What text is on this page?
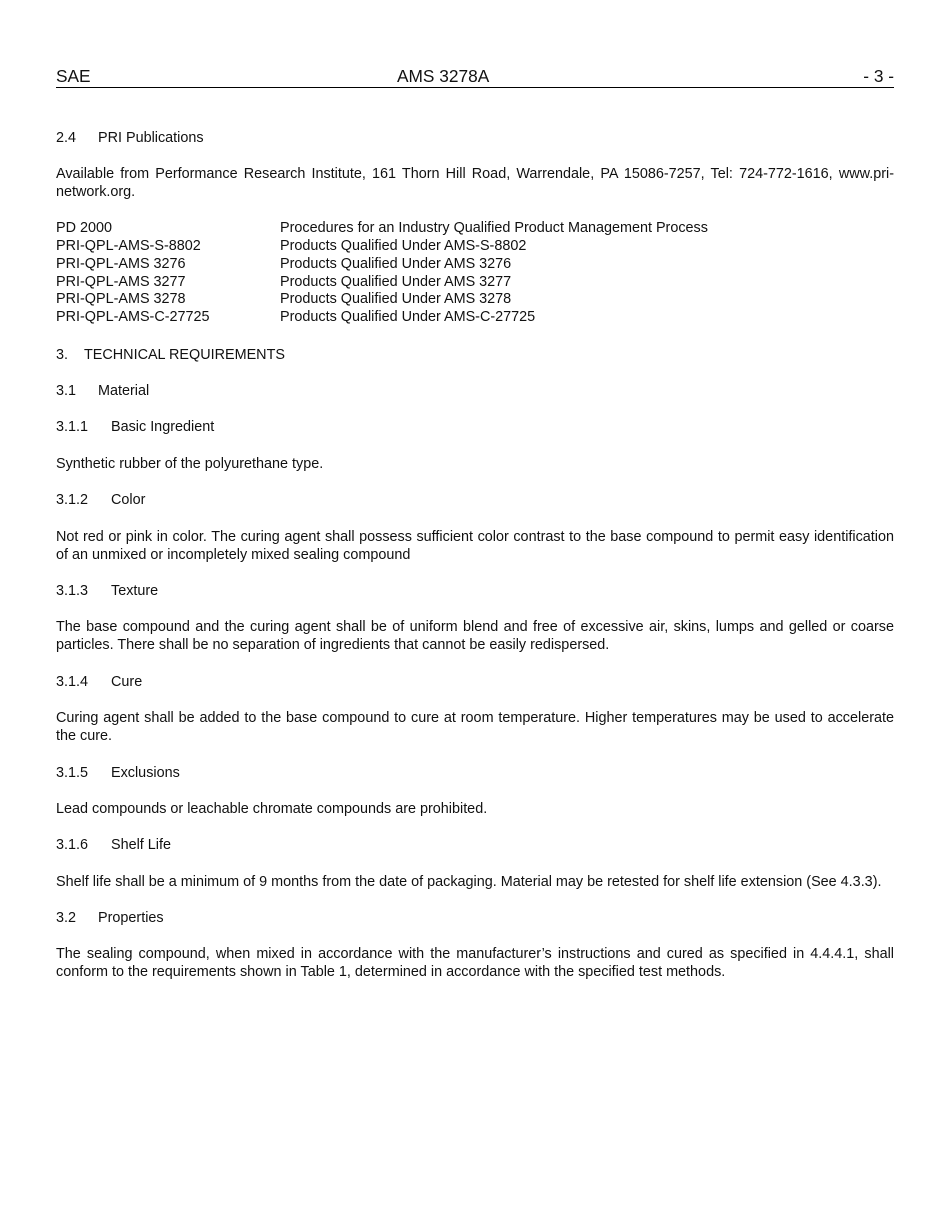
SAE	AMS 3278A	- 3 -
2.4	PRI Publications

Available from Performance Research Institute, 161 Thorn Hill Road, Warrendale, PA 15086-7257, Tel: 724-772-1616, www.pri-network.org.

PD 2000	Procedures for an Industry Qualified Product Management Process
PRI-QPL-AMS-S-8802	Products Qualified Under AMS-S-8802
PRI-QPL-AMS 3276	Products Qualified Under AMS 3276
PRI-QPL-AMS 3277	Products Qualified Under AMS 3277
PRI-QPL-AMS 3278	Products Qualified Under AMS 3278
PRI-QPL-AMS-C-27725	Products Qualified Under AMS-C-27725
3.	TECHNICAL REQUIREMENTS
3.1	Material
3.1.1	Basic Ingredient

Synthetic rubber of the polyurethane type.

3.1.2	Color

Not red or pink in color. The curing agent shall possess sufficient color contrast to the base compound to permit easy identification of an unmixed or incompletely mixed sealing compound

3.1.3	Texture

The base compound and the curing agent shall be of uniform blend and free of excessive air, skins, lumps and gelled or coarse particles. There shall be no separation of ingredients that cannot be easily redispersed.

3.1.4	Cure

Curing agent shall be added to the base compound to cure at room temperature. Higher temperatures may be used to accelerate the cure.

3.1.5	Exclusions

Lead compounds or leachable chromate compounds are prohibited.

3.1.6	Shelf Life

Shelf life shall be a minimum of 9 months from the date of packaging. Material may be retested for shelf life extension (See 4.3.3).

3.2	Properties

The sealing compound, when mixed in accordance with the manufacturer’s instructions and cured as specified in 4.4.4.1, shall conform to the requirements shown in Table 1, determined in accordance with the specified test methods.
